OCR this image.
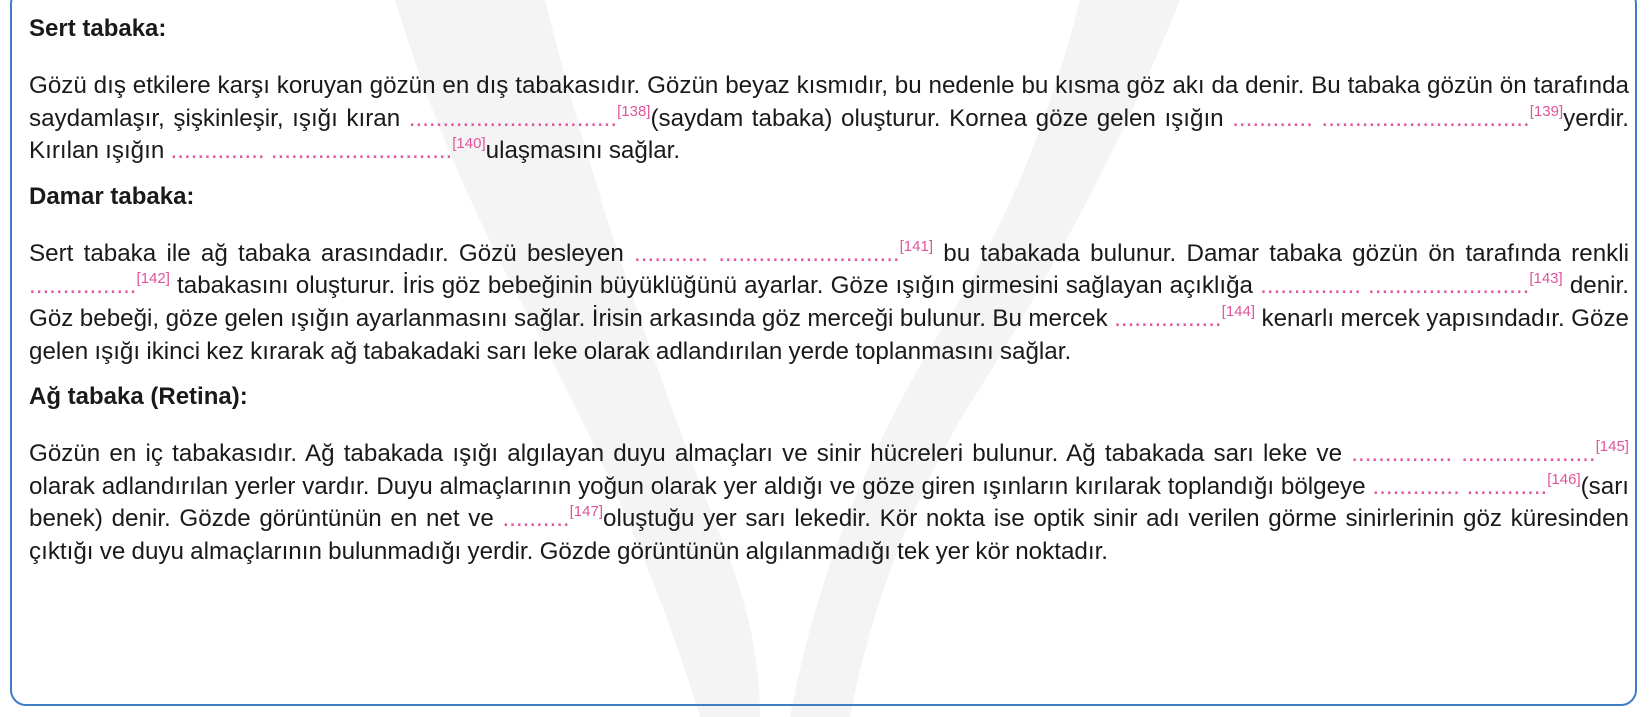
Sert tabaka:
Gözü dış etkilere karşı koruyan gözün en dış tabakasıdır. Gözün beyaz kısmıdır, bu nedenle bu kısma göz akı da denir. Bu tabaka gözün ön tarafında saydamlaşır, şişkinleşir, ışığı kıran ...............................[138](saydam tabaka) oluşturur. Kornea göze gelen ışığın ............ ...............................[139]yerdir. Kırılan ışığın .............. ...........................[140]ulaşmasını sağlar.
Damar tabaka:
Sert tabaka ile ağ tabaka arasındadır. Gözü besleyen ........... ...........................[141] bu tabakada bulunur. Damar tabaka gözün ön tarafında renkli ................[142] tabakasını oluşturur. İris göz bebeğinin büyüklüğünü ayarlar. Göze ışığın girmesini sağlayan açıklığa ............... ........................[143] denir. Göz bebeği, göze gelen ışığın ayarlanmasını sağlar. İrisin arkasında göz merceği bulunur. Bu mercek ................[144] kenarlı mercek yapısındadır. Göze gelen ışığı ikinci kez kırarak ağ tabakadaki sarı leke olarak adlandırılan yerde toplanmasını sağlar.
Ağ tabaka (Retina):
Gözün en iç tabakasıdır. Ağ tabakada ışığı algılayan duyu almaçları ve sinir hücreleri bulunur. Ağ tabakada sarı leke ve ............... ....................[145] olarak adlandırılan yerler vardır. Duyu almaçlarının yoğun olarak yer aldığı ve göze giren ışınların kırılarak toplandığı bölgeye ............. ............[146](sarı benek) denir. Gözde görüntünün en net ve ..........[147]oluştuğu yer sarı lekedir. Kör nokta ise optik sinir adı verilen görme sinirlerinin göz küresinden çıktığı ve duyu almaçlarının bulunmadığı yerdir. Gözde görüntünün algılanmadığı tek yer kör noktadır.
